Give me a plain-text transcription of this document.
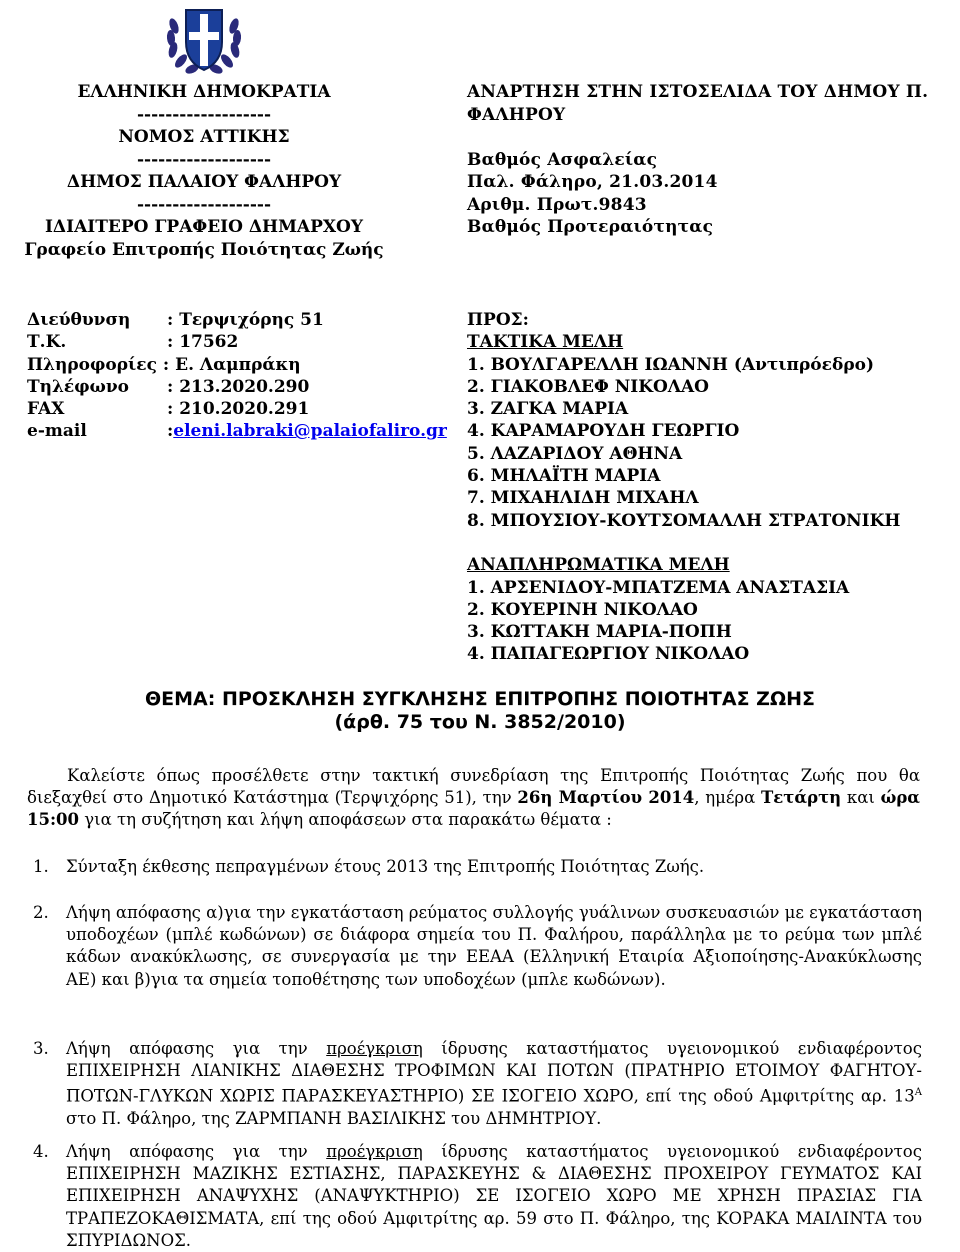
ΕΛΛΗΝΙΚΗ ΔΗΜΟΚΡΑΤΙΑ
-------------------
ΝΟΜΟΣ ΑΤΤΙΚΗΣ
-------------------
ΔΗΜΟΣ ΠΑΛΑΙΟΥ ΦΑΛΗΡΟΥ
-------------------
ΙΔΙΑΙΤΕΡΟ ΓΡΑΦΕΙΟ ΔΗΜΑΡΧΟΥ
Γραφείο Επιτροπής Ποιότητας Ζωής
ΑΝΑΡΤΗΣΗ ΣΤΗΝ ΙΣΤΟΣΕΛΙΔΑ ΤΟΥ ΔΗΜΟΥ Π.
ΦΑΛΗΡΟΥ

Βαθμός Ασφαλείας
Παλ. Φάληρο, 21.03.2014
Αριθμ. Πρωτ.9843
Βαθμός Προτεραιότητας
Διεύθυνση	: Τερψιχόρης 51
Τ.Κ.	: 17562
Πληροφορίες : Ε. Λαμπράκη
Τηλέφωνο	: 213.2020.290
FAX	: 210.2020.291
e-mail	: eleni.labraki@palaiofaliro.gr
ΠΡΟΣ:
ΤΑΚΤΙΚΑ ΜΕΛΗ
1. ΒΟΥΛΓΑΡΕΛΛΗ ΙΩΑΝΝΗ (Αντιπρόεδρο)
2. ΓΙΑΚΟΒΛΕΦ ΝΙΚΟΛΑΟ
3. ΖΑΓΚΑ ΜΑΡΙΑ
4. ΚΑΡΑΜΑΡΟΥΔΗ ΓΕΩΡΓΙΟ
5. ΛΑΖΑΡΙΔΟΥ ΑΘΗΝΑ
6. ΜΗΛΑΪΤΗ ΜΑΡΙΑ
7. ΜΙΧΑΗΛΙΔΗ ΜΙΧΑΗΛ
8. ΜΠΟΥΣΙΟΥ-ΚΟΥΤΣΟΜΑΛΛΗ ΣΤΡΑΤΟΝΙΚΗ

ΑΝΑΠΛΗΡΩΜΑΤΙΚΑ ΜΕΛΗ
1. ΑΡΣΕΝΙΔΟΥ-ΜΠΑΤΖΕΜΑ ΑΝΑΣΤΑΣΙΑ
2. ΚΟΥΕΡΙΝΗ ΝΙΚΟΛΑΟ
3. ΚΩΤΤΑΚΗ ΜΑΡΙΑ-ΠΟΠΗ
4. ΠΑΠΑΓΕΩΡΓΙΟΥ ΝΙΚΟΛΑΟ
ΘΕΜΑ: ΠΡΟΣΚΛΗΣΗ ΣΥΓΚΛΗΣΗΣ ΕΠΙΤΡΟΠΗΣ ΠΟΙΟΤΗΤΑΣ ΖΩΗΣ
(άρθ. 75 του Ν. 3852/2010)
Καλείστε όπως προσέλθετε στην τακτική συνεδρίαση της Επιτροπής Ποιότητας Ζωής που θα διεξαχθεί στο Δημοτικό Κατάστημα (Τερψιχόρης 51), την 26η Μαρτίου 2014, ημέρα Τετάρτη και ώρα 15:00 για τη συζήτηση και λήψη αποφάσεων στα παρακάτω θέματα :
1. Σύνταξη έκθεσης πεπραγμένων έτους 2013 της Επιτροπής Ποιότητας Ζωής.
2. Λήψη απόφασης α)για την εγκατάσταση ρεύματος συλλογής γυάλινων συσκευασιών με εγκατάσταση υποδοχέων (μπλέ κωδώνων) σε διάφορα σημεία του Π. Φαλήρου, παράλληλα με το ρεύμα των μπλέ κάδων ανακύκλωσης, σε συνεργασία με την ΕΕΑΑ (Ελληνική Εταιρία Αξιοποίησης-Ανακύκλωσης ΑΕ) και β)για τα σημεία τοποθέτησης των υποδοχέων (μπλε κωδώνων).
3. Λήψη απόφασης για την προέγκριση ίδρυσης καταστήματος υγειονομικού ενδιαφέροντος ΕΠΙΧΕΙΡΗΣΗ ΛΙΑΝΙΚΗΣ ΔΙΑΘΕΣΗΣ ΤΡΟΦΙΜΩΝ ΚΑΙ ΠΟΤΩΝ (ΠΡΑΤΗΡΙΟ ΕΤΟΙΜΟΥ ΦΑΓΗΤΟΥ-ΠΟΤΩΝ-ΓΛΥΚΩΝ ΧΩΡΙΣ ΠΑΡΑΣΚΕΥΑΣΤΗΡΙΟ) ΣΕ ΙΣΟΓΕΙΟ ΧΩΡΟ, επί της οδού Αμφιτρίτης αρ. $13^A$ στο Π. Φάληρο, της ΖΑΡΜΠΑΝΗ ΒΑΣΙΛΙΚΗΣ του ΔΗΜΗΤΡΙΟΥ.
4. Λήψη απόφασης για την προέγκριση ίδρυσης καταστήματος υγειονομικού ενδιαφέροντος ΕΠΙΧΕΙΡΗΣΗ ΜΑΖΙΚΗΣ ΕΣΤΙΑΣΗΣ, ΠΑΡΑΣΚΕΥΗΣ & ΔΙΑΘΕΣΗΣ ΠΡΟΧΕΙΡΟΥ ΓΕΥΜΑΤΟΣ ΚΑΙ ΕΠΙΧΕΙΡΗΣΗ ΑΝΑΨΥΧΗΣ (ΑΝΑΨΥΚΤΗΡΙΟ) ΣΕ ΙΣΟΓΕΙΟ ΧΩΡΟ ΜΕ ΧΡΗΣΗ ΠΡΑΣΙΑΣ ΓΙΑ ΤΡΑΠΕΖΟΚΑΘΙΣΜΑΤΑ, επί της οδού Αμφιτρίτης αρ. 59 στο Π. Φάληρο, της ΚΟΡΑΚΑ ΜΑΙΛΙΝΤΑ του ΣΠΥΡΙΔΩΝΟΣ.
